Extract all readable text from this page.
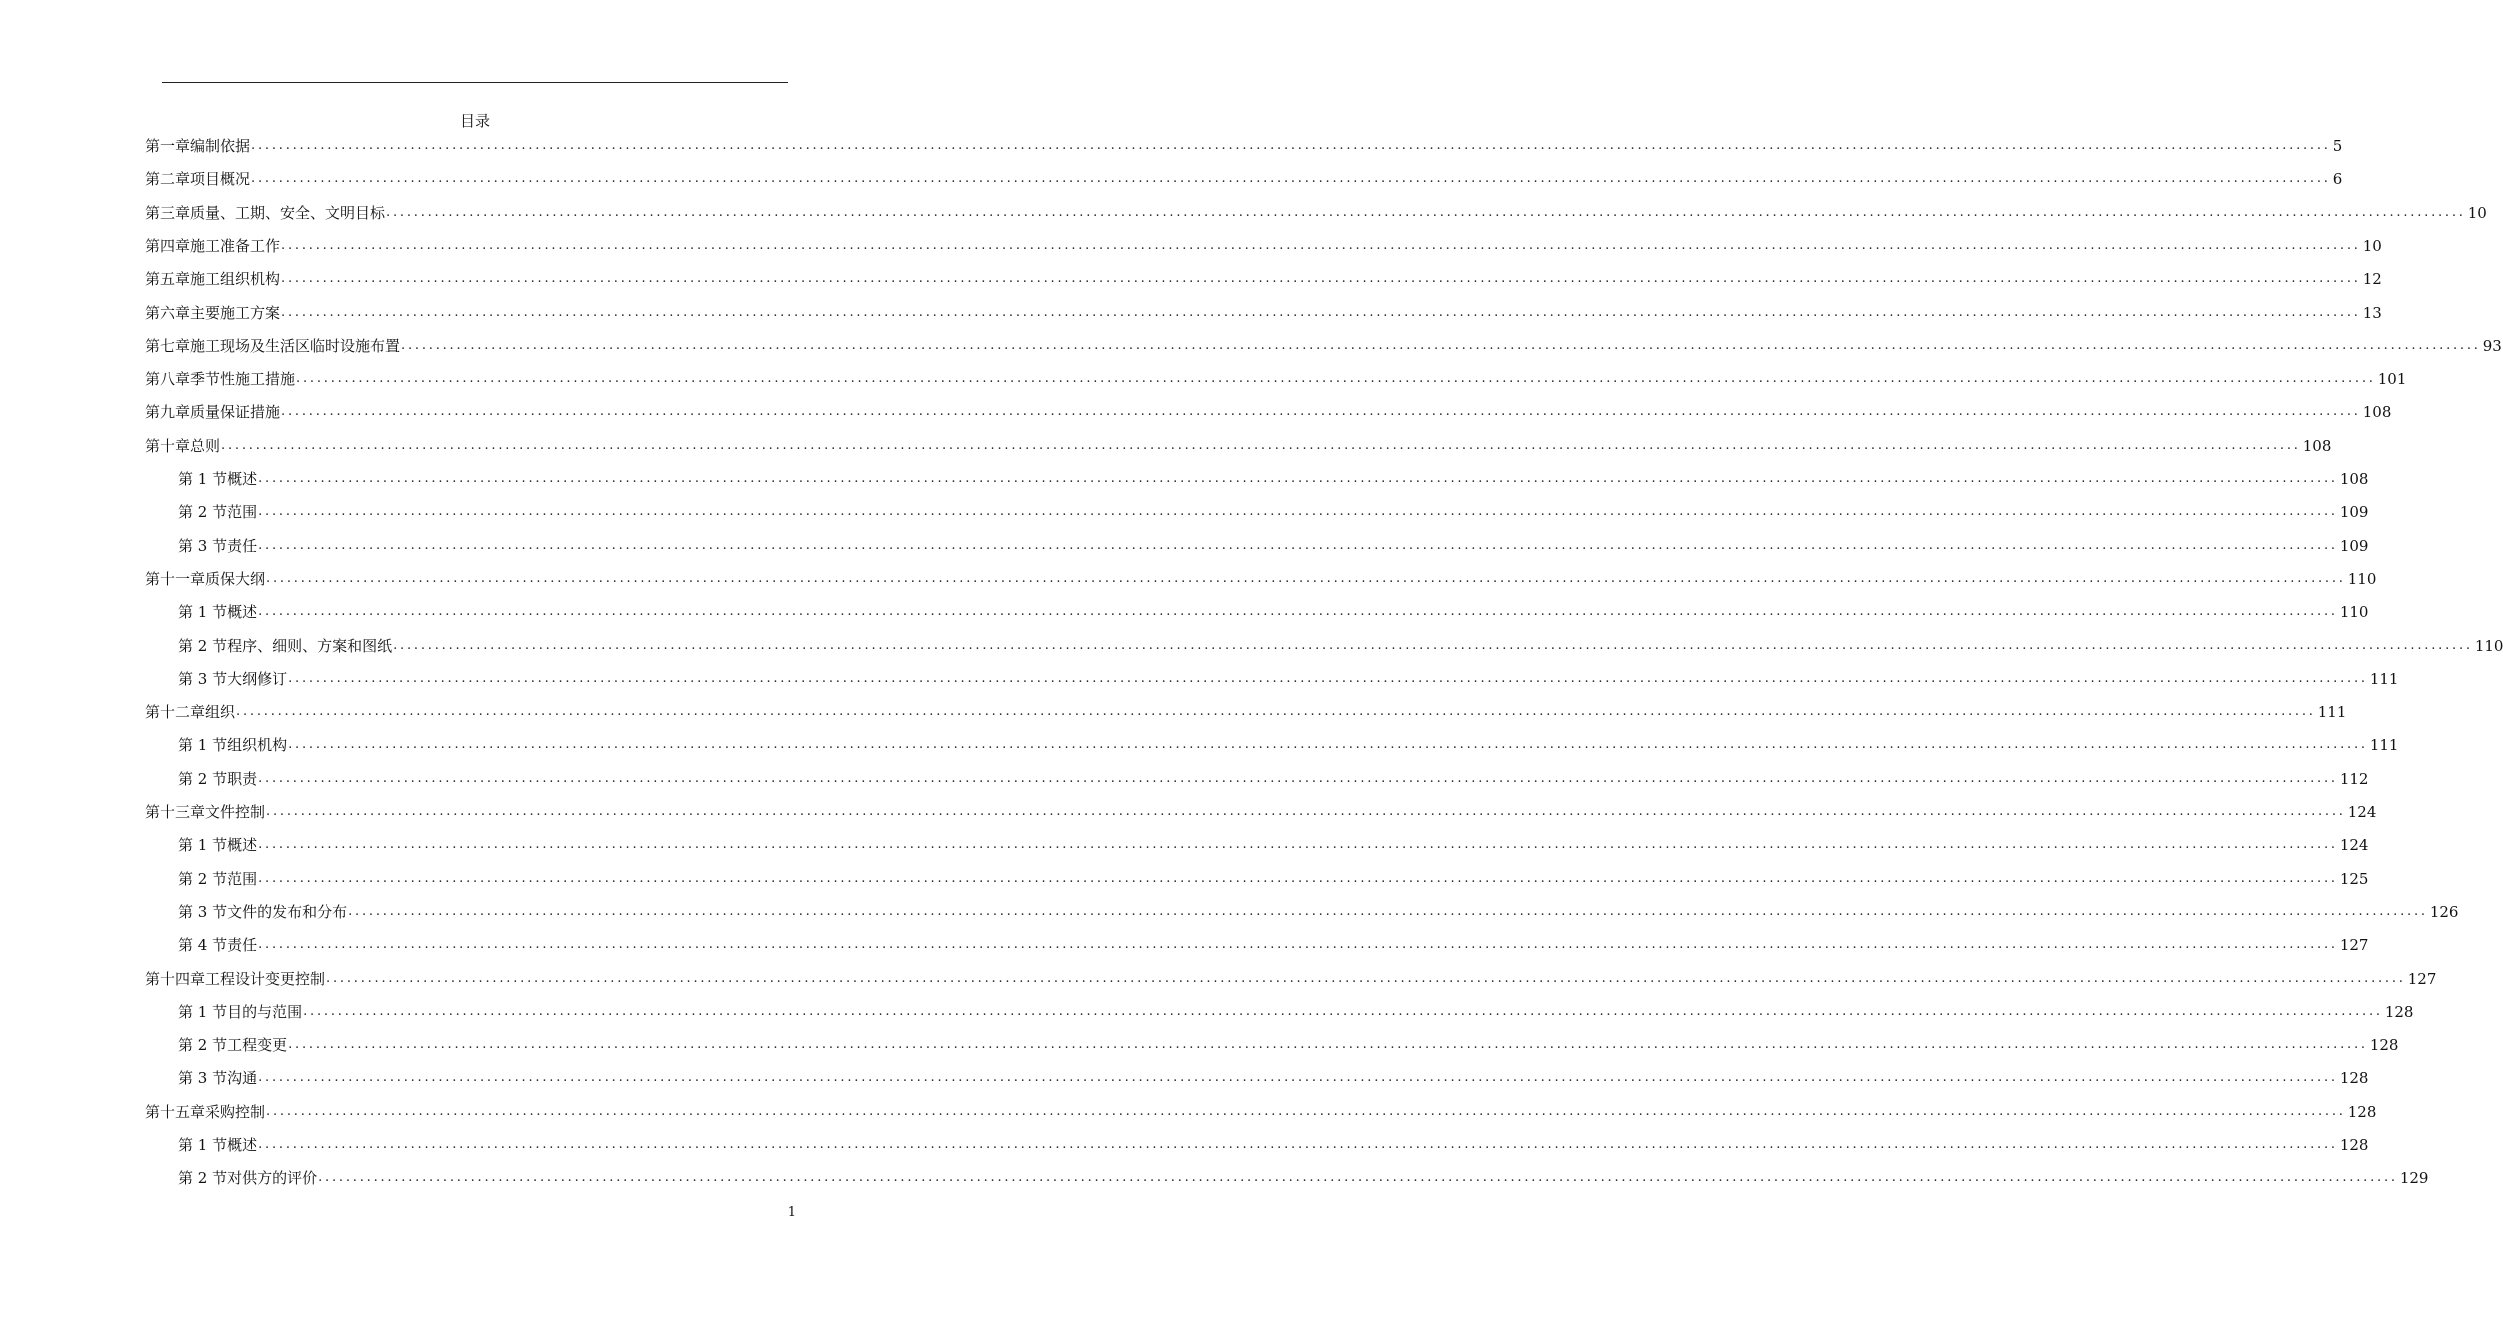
目录
第一章 编制依据 ............................................................................................................................................................................................................................................................................................................ 5
第二章 项目概况 ............................................................................................................................................................................................................................................................................................................ 6
第三章 质量、工期、安全、文明目标 ............................................................................................................................................................................................................................................................................................................ 10
第四章 施工准备工作 ............................................................................................................................................................................................................................................................................................................ 10
第五章 施工组织机构 ............................................................................................................................................................................................................................................................................................................ 12
第六章 主要施工方案 ............................................................................................................................................................................................................................................................................................................ 13
第七章 施工现场及生活区临时设施布置 ............................................................................................................................................................................................................................................................................................................ 93
第八章 季节性施工措施 ............................................................................................................................................................................................................................................................................................................ 101
第九章 质量保证措施 ............................................................................................................................................................................................................................................................................................................ 108
第十章 总则 ............................................................................................................................................................................................................................................................................................................ 108
第 1 节 概述 ............................................................................................................................................................................................................................................................................................................ 108
第 2 节 范围 ............................................................................................................................................................................................................................................................................................................ 109
第 3 节 责任 ............................................................................................................................................................................................................................................................................................................ 109
第十一章 质保大纲 ............................................................................................................................................................................................................................................................................................................ 110
第 1 节 概述 ............................................................................................................................................................................................................................................................................................................ 110
第 2 节 程序、细则、方案和图纸 ............................................................................................................................................................................................................................................................................................................ 110
第 3 节 大纲修订 ............................................................................................................................................................................................................................................................................................................ 111
第十二章 组织 ............................................................................................................................................................................................................................................................................................................ 111
第 1 节 组织机构 ............................................................................................................................................................................................................................................................................................................ 111
第 2 节 职责 ............................................................................................................................................................................................................................................................................................................ 112
第十三章 文件控制 ............................................................................................................................................................................................................................................................................................................ 124
第 1 节 概述 ............................................................................................................................................................................................................................................................................................................ 124
第 2 节 范围 ............................................................................................................................................................................................................................................................................................................ 125
第 3 节 文件的发布和分布 ............................................................................................................................................................................................................................................................................................................ 126
第 4 节 责任 ............................................................................................................................................................................................................................................................................................................ 127
第十四章 工程设计变更控制 ............................................................................................................................................................................................................................................................................................................ 127
第 1 节 目的与范围 ............................................................................................................................................................................................................................................................................................................ 128
第 2 节 工程变更 ............................................................................................................................................................................................................................................................................................................ 128
第 3 节 沟通 ............................................................................................................................................................................................................................................................................................................ 128
第十五章 采购控制 ............................................................................................................................................................................................................................................................................................................ 128
第 1 节 概述 ............................................................................................................................................................................................................................................................................................................ 128
第 2 节 对供方的评价 ............................................................................................................................................................................................................................................................................................................ 129
1
